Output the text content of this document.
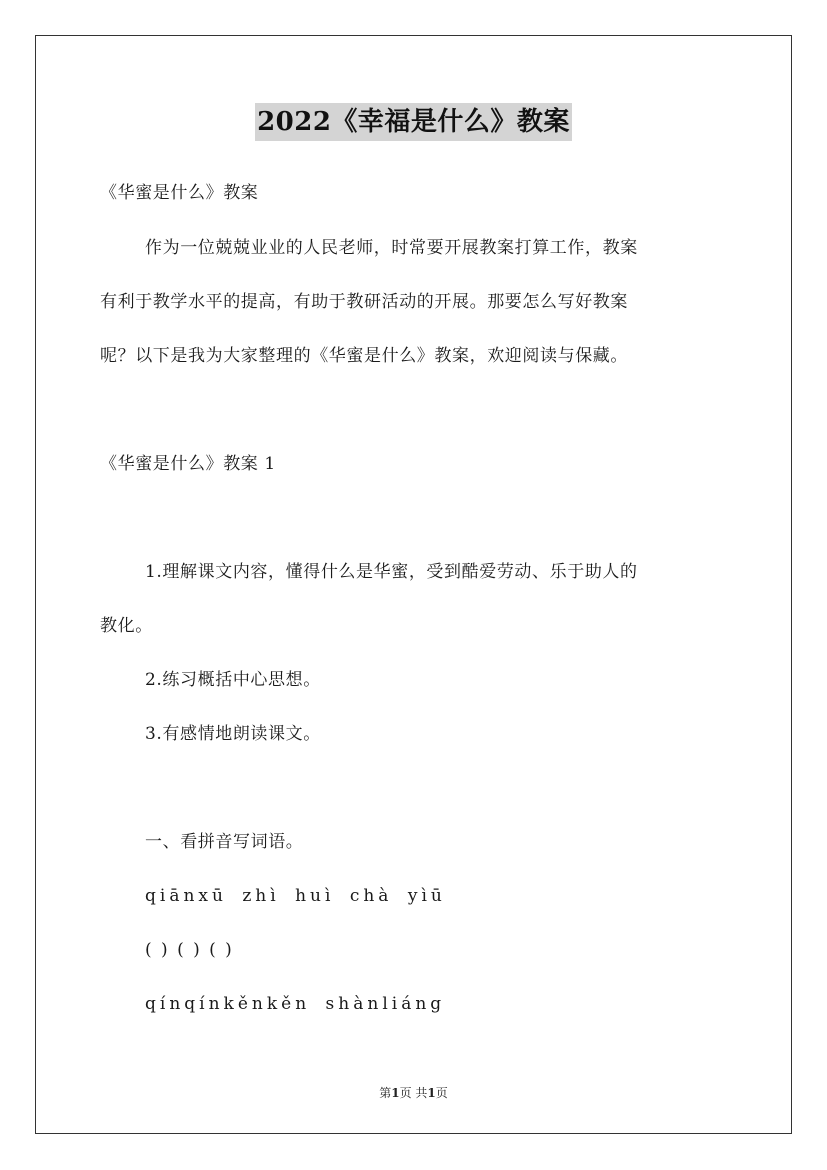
2022《幸福是什么》教案
《华蜜是什么》教案
作为一位兢兢业业的人民老师，时常要开展教案打算工作，教案
有利于教学水平的提高，有助于教研活动的开展。那要怎么写好教案
呢？以下是我为大家整理的《华蜜是什么》教案，欢迎阅读与保藏。
《华蜜是什么》教案 1
1.理解课文内容，懂得什么是华蜜，受到酷爱劳动、乐于助人的
教化。
2.练习概括中心思想。
3.有感情地朗读课文。
一、看拼音写词语。
qiānxū zhì huì chà yìū
( ) ( ) ( )
qínqínkěnkěn shànliáng
第1页 共1页
